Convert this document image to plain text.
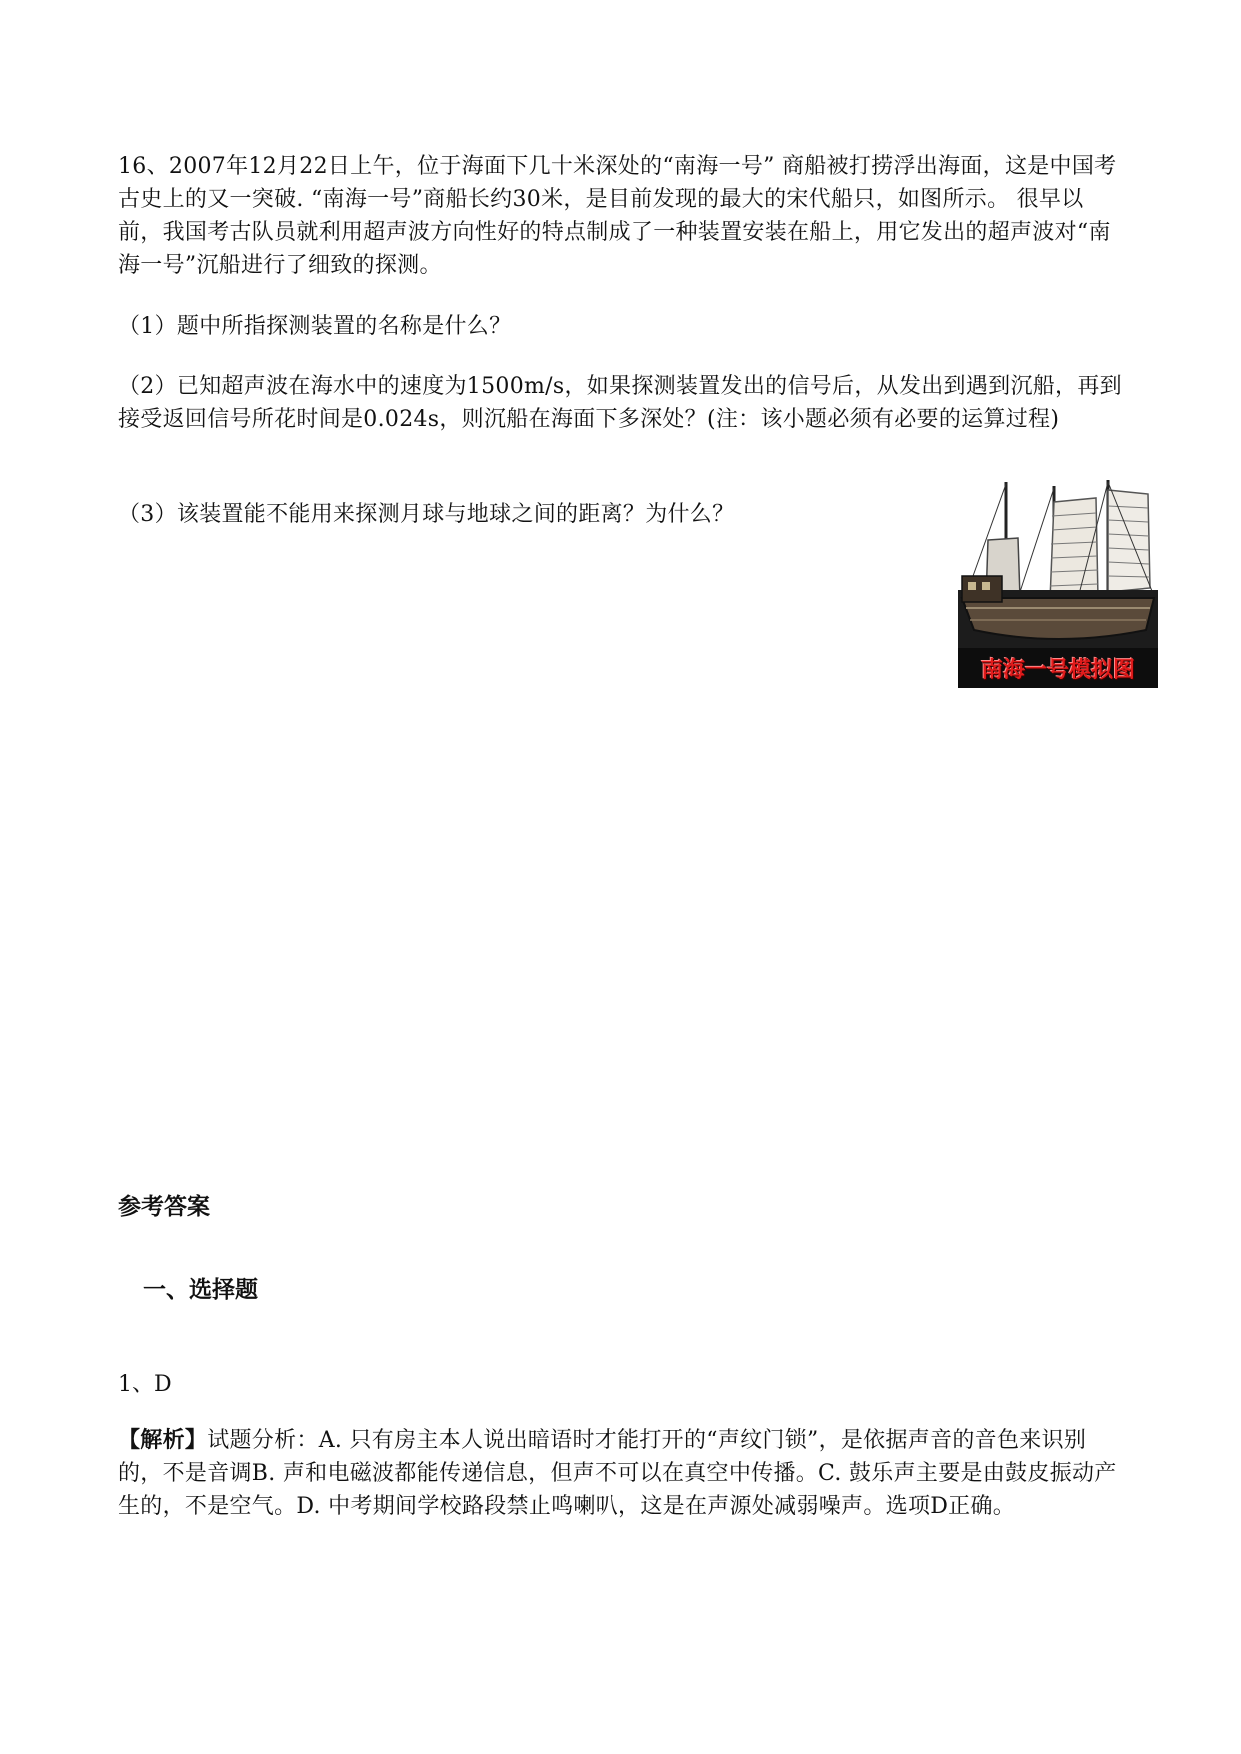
16、2007年12月22日上午，位于海面下几十米深处的“南海一号” 商船被打捞浮出海面，这是中国考古史上的又一突破. “南海一号”商船长约30米，是目前发现的最大的宋代船只，如图所示。 很早以前，我国考古队员就利用超声波方向性好的特点制成了一种装置安装在船上，用它发出的超声波对“南海一号”沉船进行了细致的探测。

（1）题中所指探测装置的名称是什么？

（2）已知超声波在海水中的速度为1500m/s，如果探测装置发出的信号后，从发出到遇到沉船，再到接受返回信号所花时间是0.024s，则沉船在海面下多深处？(注：该小题必须有必要的运算过程)

（3）该装置能不能用来探测月球与地球之间的距离？为什么？

南海一号模拟图

参考答案

一、选择题

1、D

【解析】试题分析：A. 只有房主本人说出暗语时才能打开的“声纹门锁”，是依据声音的音色来识别的，不是音调B. 声和电磁波都能传递信息，但声不可以在真空中传播。C. 鼓乐声主要是由鼓皮振动产生的，不是空气。D. 中考期间学校路段禁止鸣喇叭，这是在声源处减弱噪声。选项D正确。
